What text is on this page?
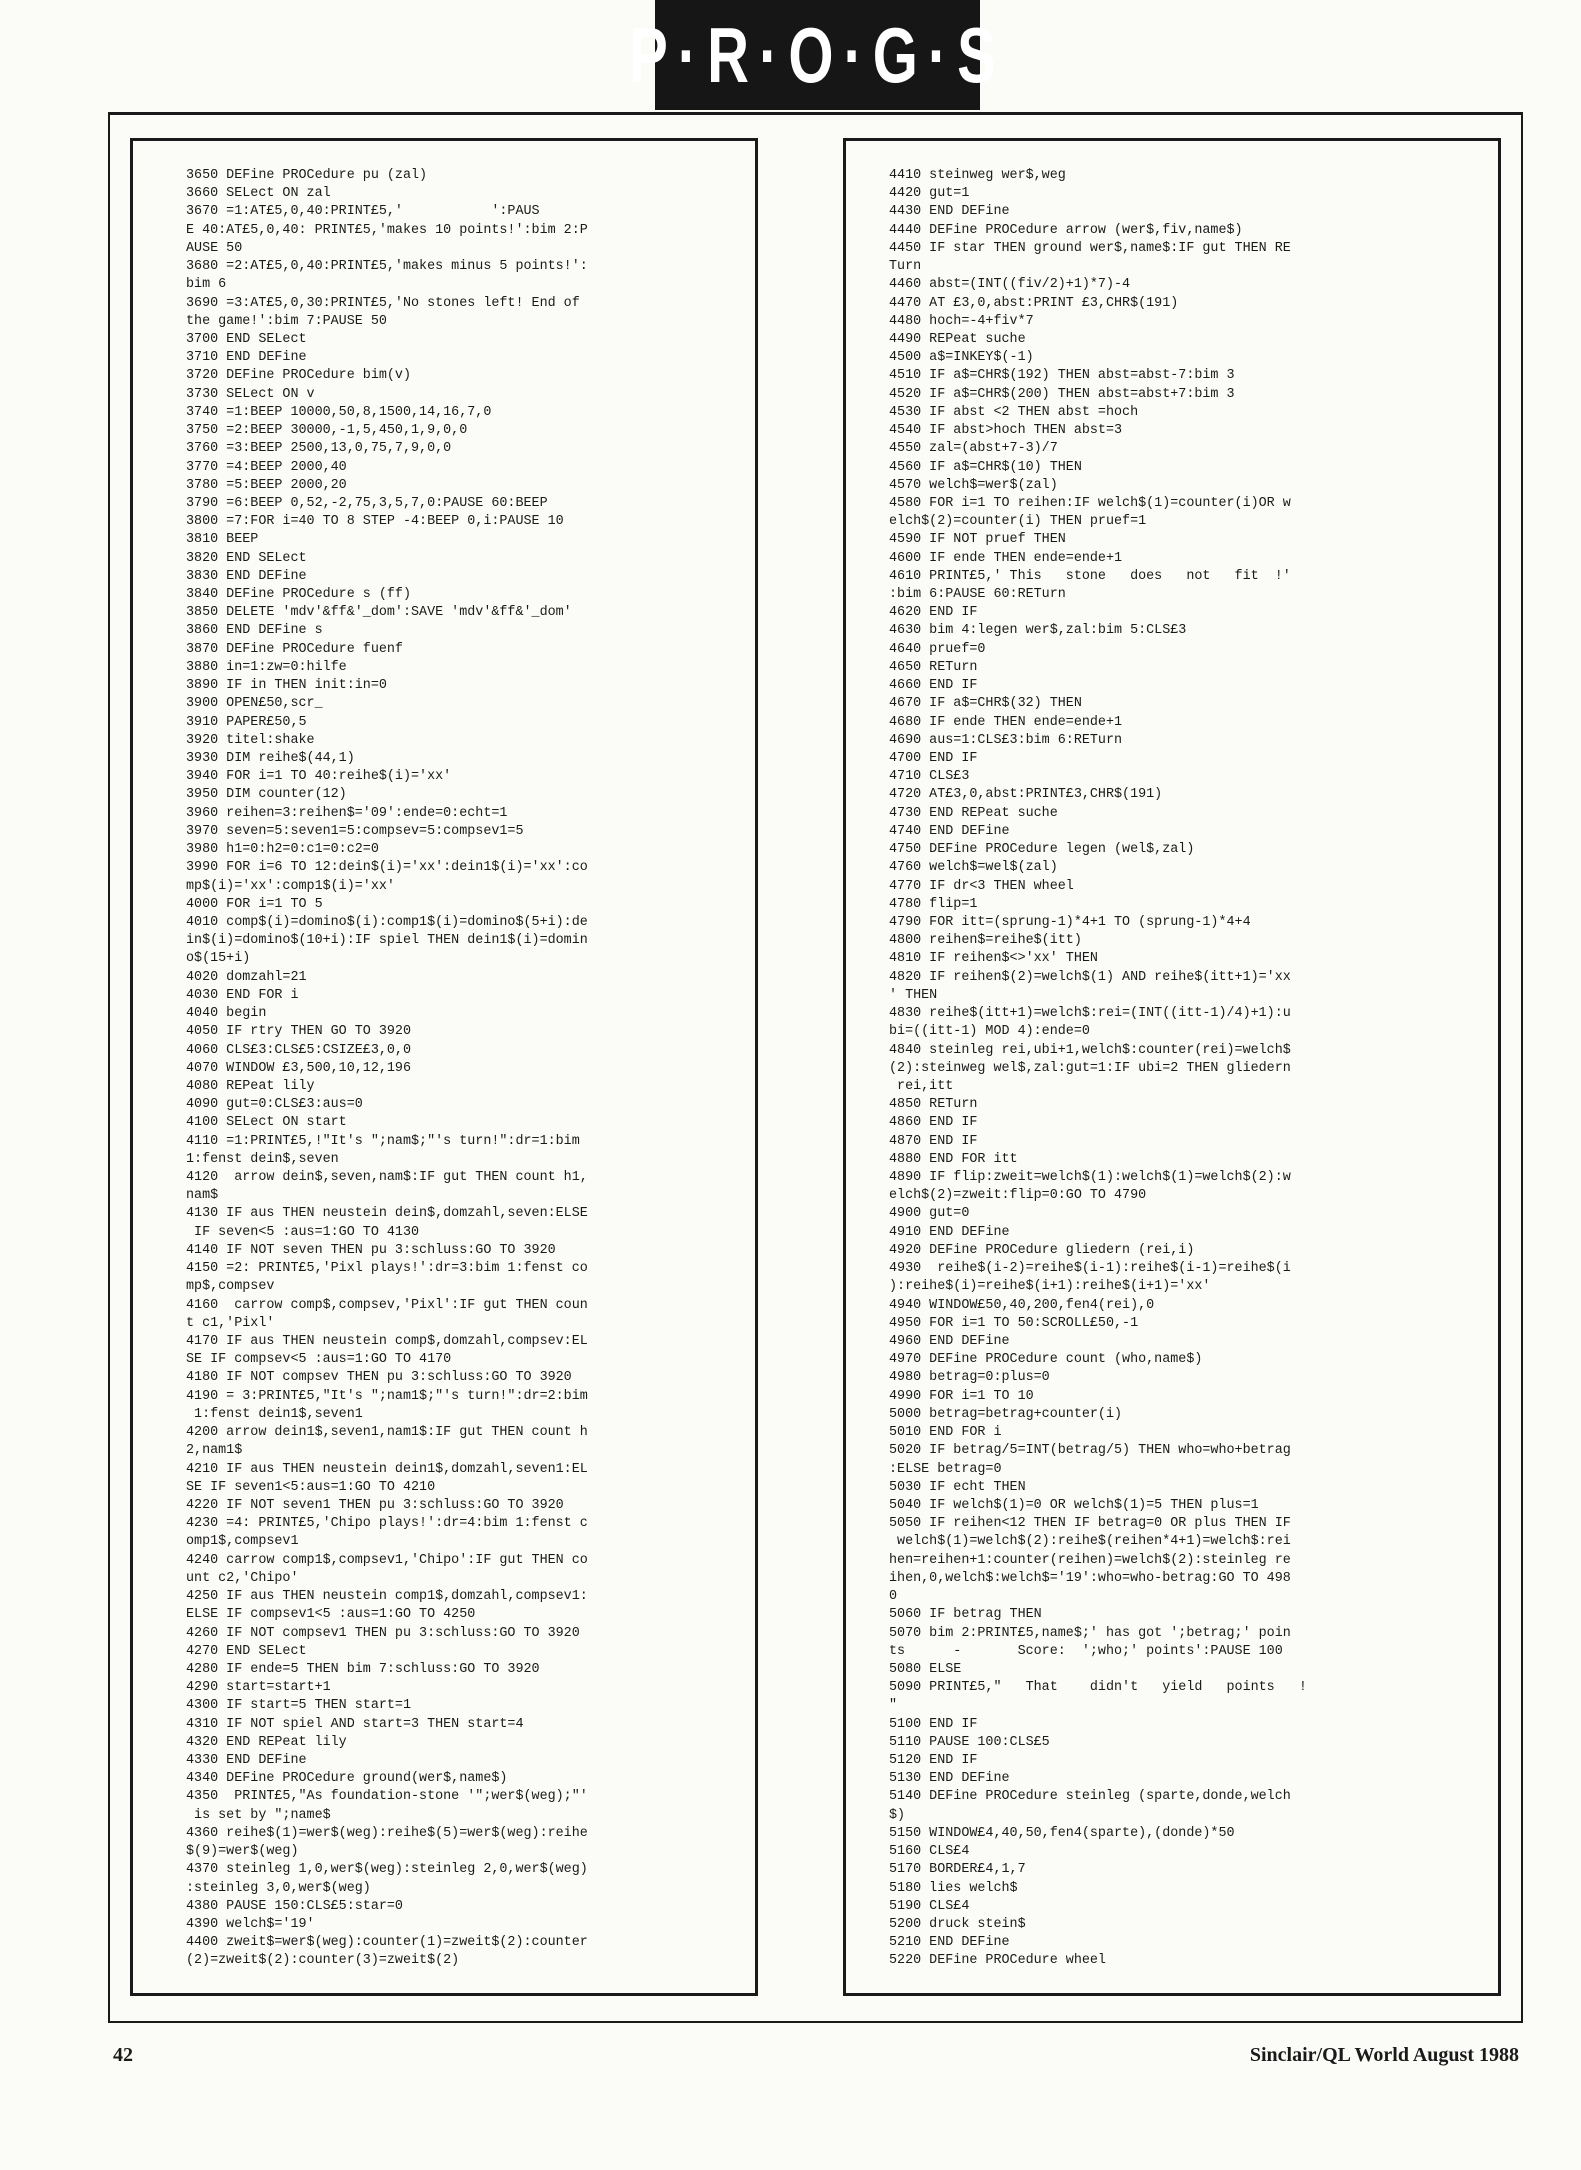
P·R·O·G·S
3650 DEFine PROCedure pu (zal)
3660 SELect ON zal
3670 =1:AT£5,0,40:PRINT£5,'           ':PAUS
E 40:AT£5,0,40: PRINT£5,'makes 10 points!':bim 2:P
AUSE 50
3680 =2:AT£5,0,40:PRINT£5,'makes minus 5 points!':
bim 6
3690 =3:AT£5,0,30:PRINT£5,'No stones left! End of
the game!':bim 7:PAUSE 50
3700 END SELect
3710 END DEFine
3720 DEFine PROCedure bim(v)
3730 SELect ON v
3740 =1:BEEP 10000,50,8,1500,14,16,7,0
3750 =2:BEEP 30000,-1,5,450,1,9,0,0
3760 =3:BEEP 2500,13,0,75,7,9,0,0
3770 =4:BEEP 2000,40
3780 =5:BEEP 2000,20
3790 =6:BEEP 0,52,-2,75,3,5,7,0:PAUSE 60:BEEP
3800 =7:FOR i=40 TO 8 STEP -4:BEEP 0,i:PAUSE 10
3810 BEEP
3820 END SELect
3830 END DEFine
3840 DEFine PROCedure s (ff)
3850 DELETE 'mdv'&ff&'_dom':SAVE 'mdv'&ff&'_dom'
3860 END DEFine s
3870 DEFine PROCedure fuenf
3880 in=1:zw=0:hilfe
3890 IF in THEN init:in=0
3900 OPEN£50,scr_
3910 PAPER£50,5
3920 titel:shake
3930 DIM reihe$(44,1)
3940 FOR i=1 TO 40:reihe$(i)='xx'
3950 DIM counter(12)
3960 reihen=3:reihen$='09':ende=0:echt=1
3970 seven=5:seven1=5:compsev=5:compsev1=5
3980 h1=0:h2=0:c1=0:c2=0
3990 FOR i=6 TO 12:dein$(i)='xx':dein1$(i)='xx':co
mp$(i)='xx':comp1$(i)='xx'
4000 FOR i=1 TO 5
4010 comp$(i)=domino$(i):comp1$(i)=domino$(5+i):de
in$(i)=domino$(10+i):IF spiel THEN dein1$(i)=domin
o$(15+i)
4020 domzahl=21
4030 END FOR i
4040 begin
4050 IF rtry THEN GO TO 3920
4060 CLS£3:CLS£5:CSIZE£3,0,0
4070 WINDOW £3,500,10,12,196
4080 REPeat lily
4090 gut=0:CLS£3:aus=0
4100 SELect ON start
4110 =1:PRINT£5,!"It's ";nam$;"'s turn!":dr=1:bim
1:fenst dein$,seven
4120  arrow dein$,seven,nam$:IF gut THEN count h1,
nam$
4130 IF aus THEN neustein dein$,domzahl,seven:ELSE
IF seven<5 :aus=1:GO TO 4130
4140 IF NOT seven THEN pu 3:schluss:GO TO 3920
4150 =2: PRINT£5,'Pixl plays!':dr=3:bim 1:fenst co
mp$,compsev
4160  carrow comp$,compsev,'Pixl':IF gut THEN coun
t c1,'Pixl'
4170 IF aus THEN neustein comp$,domzahl,compsev:EL
SE IF compsev<5 :aus=1:GO TO 4170
4180 IF NOT compsev THEN pu 3:schluss:GO TO 3920
4190 = 3:PRINT£5,"It's ";nam1$;"'s turn!":dr=2:bim
1:fenst dein1$,seven1
4200 arrow dein1$,seven1,nam1$:IF gut THEN count h
2,nam1$
4210 IF aus THEN neustein dein1$,domzahl,seven1:EL
SE IF seven1<5:aus=1:GO TO 4210
4220 IF NOT seven1 THEN pu 3:schluss:GO TO 3920
4230 =4: PRINT£5,'Chipo plays!':dr=4:bim 1:fenst c
omp1$,compsev1
4240 carrow comp1$,compsev1,'Chipo':IF gut THEN co
unt c2,'Chipo'
4250 IF aus THEN neustein comp1$,domzahl,compsev1:
ELSE IF compsev1<5 :aus=1:GO TO 4250
4260 IF NOT compsev1 THEN pu 3:schluss:GO TO 3920
4270 END SELect
4280 IF ende=5 THEN bim 7:schluss:GO TO 3920
4290 start=start+1
4300 IF start=5 THEN start=1
4310 IF NOT spiel AND start=3 THEN start=4
4320 END REPeat lily
4330 END DEFine
4340 DEFine PROCedure ground(wer$,name$)
4350  PRINT£5,"As foundation-stone '";wer$(weg);"'
is set by ";name$
4360 reihe$(1)=wer$(weg):reihe$(5)=wer$(weg):reihe
$(9)=wer$(weg)
4370 steinleg 1,0,wer$(weg):steinleg 2,0,wer$(weg)
:steinleg 3,0,wer$(weg)
4380 PAUSE 150:CLS£5:star=0
4390 welch$='19'
4400 zweit$=wer$(weg):counter(1)=zweit$(2):counter
(2)=zweit$(2):counter(3)=zweit$(2)
4410 steinweg wer$,weg
4420 gut=1
4430 END DEFine
4440 DEFine PROCedure arrow (wer$,fiv,name$)
4450 IF star THEN ground wer$,name$:IF gut THEN RE
Turn
4460 abst=(INT((fiv/2)+1)*7)-4
4470 AT £3,0,abst:PRINT £3,CHR$(191)
4480 hoch=-4+fiv*7
4490 REPeat suche
4500 a$=INKEY$(-1)
4510 IF a$=CHR$(192) THEN abst=abst-7:bim 3
4520 IF a$=CHR$(200) THEN abst=abst+7:bim 3
4530 IF abst <2 THEN abst =hoch
4540 IF abst>hoch THEN abst=3
4550 zal=(abst+7-3)/7
4560 IF a$=CHR$(10) THEN
4570 welch$=wer$(zal)
4580 FOR i=1 TO reihen:IF welch$(1)=counter(i)OR w
elch$(2)=counter(i) THEN pruef=1
4590 IF NOT pruef THEN
4600 IF ende THEN ende=ende+1
4610 PRINT£5,' This   stone   does   not   fit  !'
:bim 6:PAUSE 60:RETurn
4620 END IF
4630 bim 4:legen wer$,zal:bim 5:CLS£3
4640 pruef=0
4650 RETurn
4660 END IF
4670 IF a$=CHR$(32) THEN
4680 IF ende THEN ende=ende+1
4690 aus=1:CLS£3:bim 6:RETurn
4700 END IF
4710 CLS£3
4720 AT£3,0,abst:PRINT£3,CHR$(191)
4730 END REPeat suche
4740 END DEFine
4750 DEFine PROCedure legen (wel$,zal)
4760 welch$=wel$(zal)
4770 IF dr<3 THEN wheel
4780 flip=1
4790 FOR itt=(sprung-1)*4+1 TO (sprung-1)*4+4
4800 reihen$=reihe$(itt)
4810 IF reihen$<>'xx' THEN
4820 IF reihen$(2)=welch$(1) AND reihe$(itt+1)='xx
' THEN
4830 reihe$(itt+1)=welch$:rei=(INT((itt-1)/4)+1):u
bi=((itt-1) MOD 4):ende=0
4840 steinleg rei,ubi+1,welch$:counter(rei)=welch$
(2):steinweg wel$,zal:gut=1:IF ubi=2 THEN gliedern
rei,itt
4850 RETurn
4860 END IF
4870 END IF
4880 END FOR itt
4890 IF flip:zweit=welch$(1):welch$(1)=welch$(2):w
elch$(2)=zweit:flip=0:GO TO 4790
4900 gut=0
4910 END DEFine
4920 DEFine PROCedure gliedern (rei,i)
4930  reihe$(i-2)=reihe$(i-1):reihe$(i-1)=reihe$(i
):reihe$(i)=reihe$(i+1):reihe$(i+1)='xx'
4940 WINDOW£50,40,200,fen4(rei),0
4950 FOR i=1 TO 50:SCROLL£50,-1
4960 END DEFine
4970 DEFine PROCedure count (who,name$)
4980 betrag=0:plus=0
4990 FOR i=1 TO 10
5000 betrag=betrag+counter(i)
5010 END FOR i
5020 IF betrag/5=INT(betrag/5) THEN who=who+betrag
:ELSE betrag=0
5030 IF echt THEN
5040 IF welch$(1)=0 OR welch$(1)=5 THEN plus=1
5050 IF reihen<12 THEN IF betrag=0 OR plus THEN IF
welch$(1)=welch$(2):reihe$(reihen*4+1)=welch$:rei
hen=reihen+1:counter(reihen)=welch$(2):steinleg re
ihen,0,welch$:welch$='19':who=who-betrag:GO TO 498
0
5060 IF betrag THEN
5070 bim 2:PRINT£5,name$;' has got ';betrag;' poin
ts      -       Score:  ';who;' points':PAUSE 100
5080 ELSE
5090 PRINT£5,"   That    didn't   yield   points   !
"
5100 END IF
5110 PAUSE 100:CLS£5
5120 END IF
5130 END DEFine
5140 DEFine PROCedure steinleg (sparte,donde,welch
$)
5150 WINDOW£4,40,50,fen4(sparte),(donde)*50
5160 CLS£4
5170 BORDER£4,1,7
5180 lies welch$
5190 CLS£4
5200 druck stein$
5210 END DEFine
5220 DEFine PROCedure wheel
42	Sinclair/QL World August 1988
